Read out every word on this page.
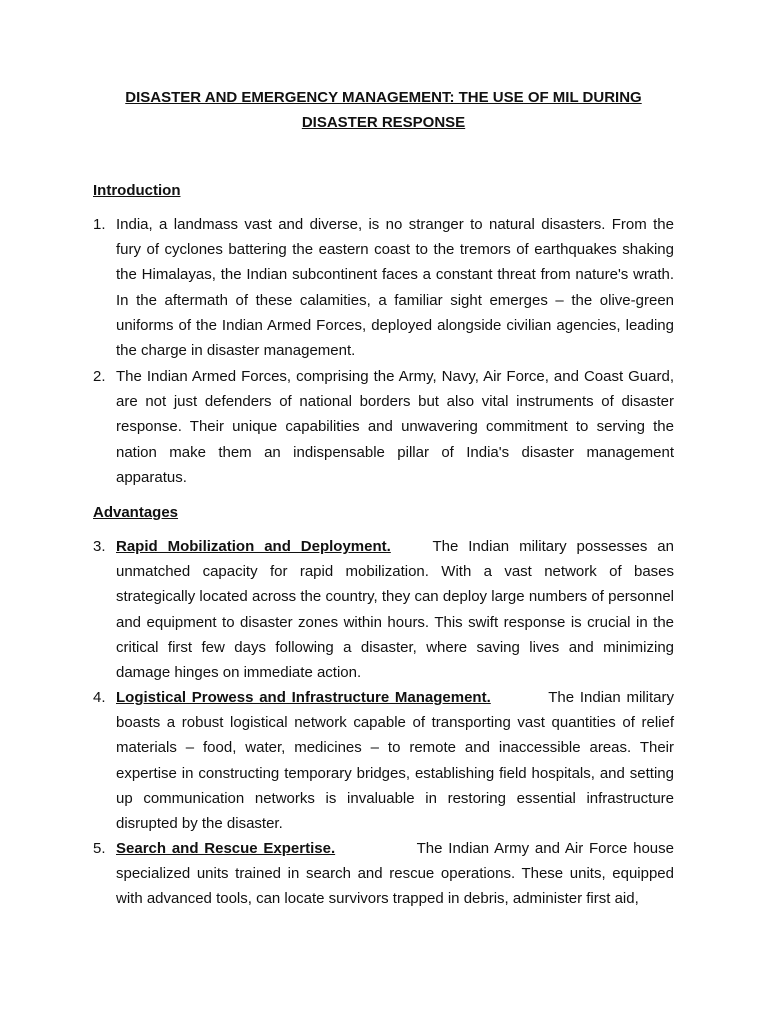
DISASTER AND EMERGENCY MANAGEMENT: THE USE OF MIL DURING DISASTER RESPONSE
Introduction
1. India, a landmass vast and diverse, is no stranger to natural disasters. From the fury of cyclones battering the eastern coast to the tremors of earthquakes shaking the Himalayas, the Indian subcontinent faces a constant threat from nature's wrath. In the aftermath of these calamities, a familiar sight emerges – the olive-green uniforms of the Indian Armed Forces, deployed alongside civilian agencies, leading the charge in disaster management.
2. The Indian Armed Forces, comprising the Army, Navy, Air Force, and Coast Guard, are not just defenders of national borders but also vital instruments of disaster response. Their unique capabilities and unwavering commitment to serving the nation make them an indispensable pillar of India's disaster management apparatus.
Advantages
3. Rapid Mobilization and Deployment.	The Indian military possesses an unmatched capacity for rapid mobilization. With a vast network of bases strategically located across the country, they can deploy large numbers of personnel and equipment to disaster zones within hours. This swift response is crucial in the critical first few days following a disaster, where saving lives and minimizing damage hinges on immediate action.
4. Logistical Prowess and Infrastructure Management.	The Indian military boasts a robust logistical network capable of transporting vast quantities of relief materials – food, water, medicines – to remote and inaccessible areas. Their expertise in constructing temporary bridges, establishing field hospitals, and setting up communication networks is invaluable in restoring essential infrastructure disrupted by the disaster.
5. Search and Rescue Expertise.	The Indian Army and Air Force house specialized units trained in search and rescue operations. These units, equipped with advanced tools, can locate survivors trapped in debris, administer first aid,
